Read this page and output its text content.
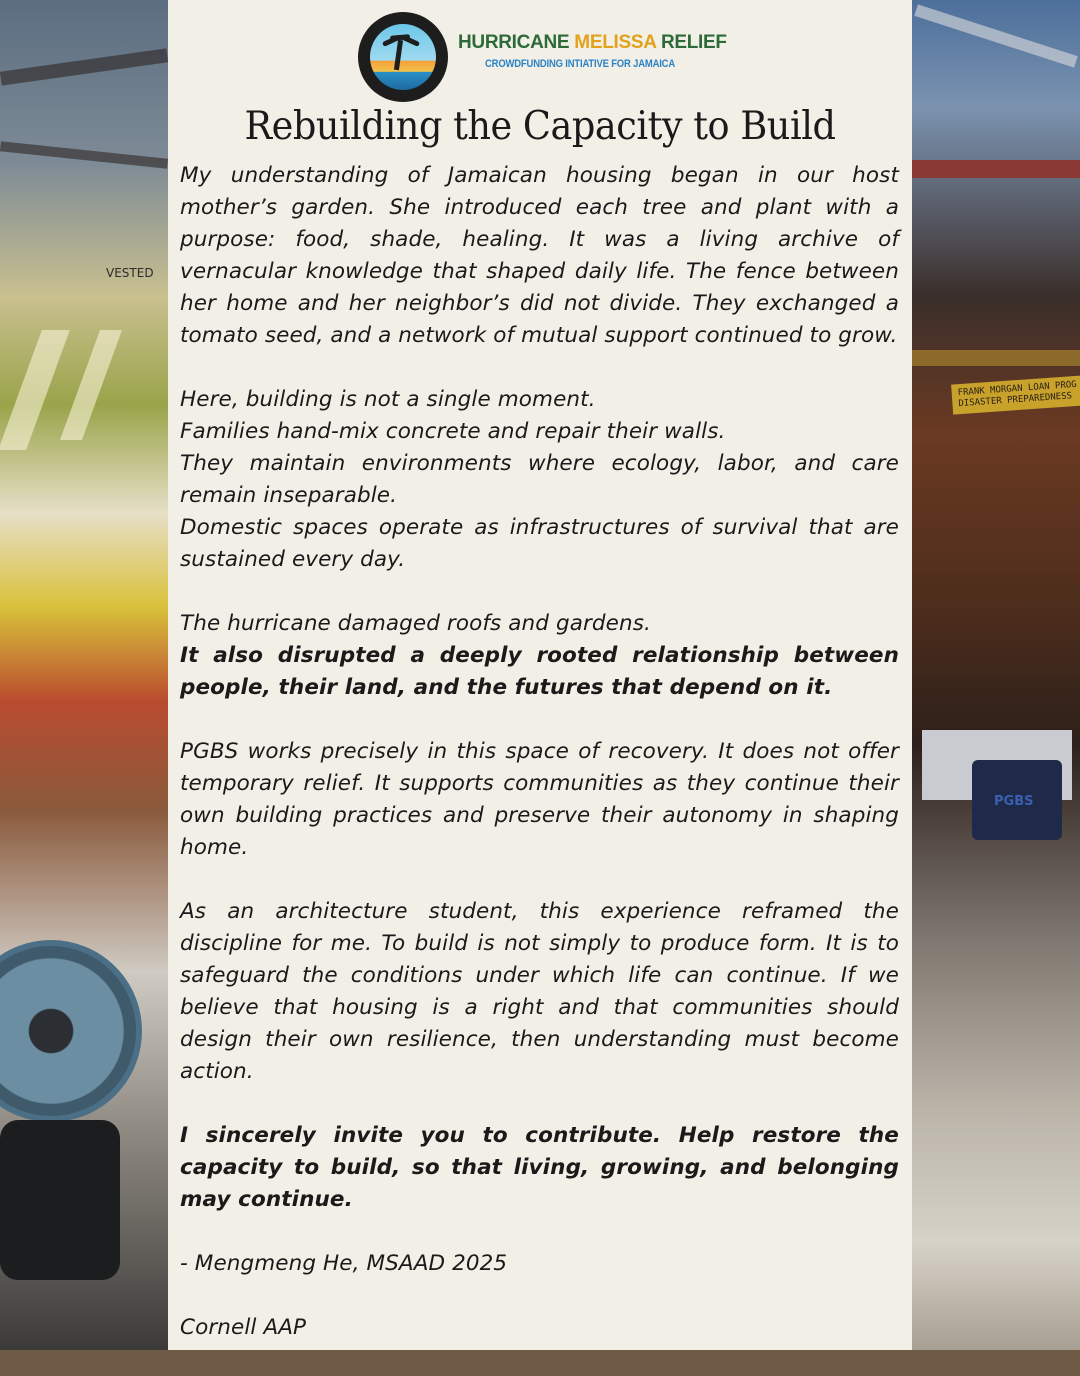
VESTED
FRANK MORGAN LOAN PROG DISASTER PREPAREDNESS
PGBS
HURRICANE MELISSA RELIEF
CROWDFUNDING INTIATIVE FOR JAMAICA
Rebuilding the Capacity to Build

My understanding of Jamaican housing began in our host mother’s garden. She introduced each tree and plant with a purpose: food, shade, healing. It was a living archive of vernacular knowledge that shaped daily life. The fence between her home and her neighbor’s did not divide. They exchanged a tomato seed, and a network of mutual support continued to grow.

Here, building is not a single moment.

Families hand-mix concrete and repair their walls.

They maintain environments where ecology, labor, and care remain inseparable.

Domestic spaces operate as infrastructures of survival that are sustained every day.

The hurricane damaged roofs and gardens.

It also disrupted a deeply rooted relationship between people, their land, and the futures that depend on it.

PGBS works precisely in this space of recovery. It does not offer temporary relief. It supports communities as they continue their own building practices and preserve their autonomy in shaping home.

As an architecture student, this experience reframed the discipline for me. To build is not simply to produce form. It is to safeguard the conditions under which life can continue. If we believe that housing is a right and that communities should design their own resilience, then understanding must become action.

I sincerely invite you to contribute. Help restore the capacity to build, so that living, growing, and belonging may continue.

- Mengmeng He, MSAAD 2025

Cornell AAP
